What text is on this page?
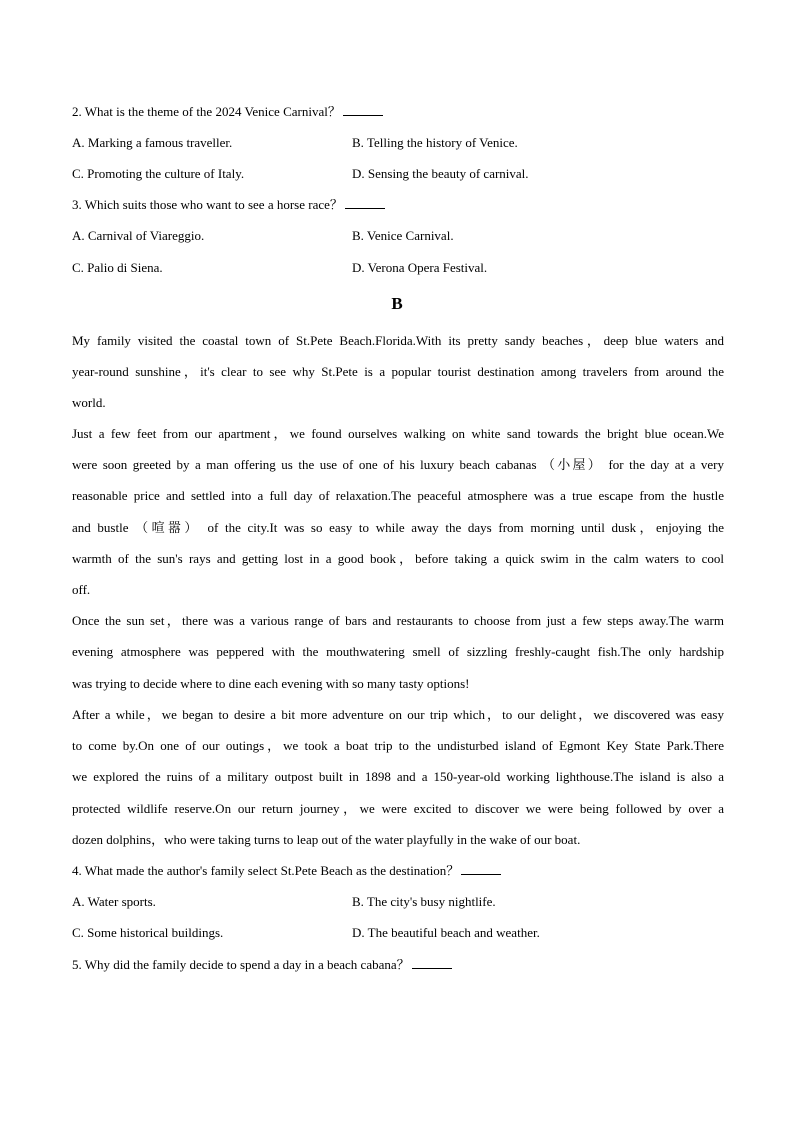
2. What is the theme of the 2024 Venice Carnival？
A. Marking a famous traveller.	B. Telling the history of Venice.
C. Promoting the culture of Italy.	D. Sensing the beauty of carnival.
3. Which suits those who want to see a horse race？
A. Carnival of Viareggio.	B. Venice Carnival.
C. Palio di Siena.	D. Verona Opera Festival.
B
My family visited the coastal town of St.Pete Beach.Florida.With its pretty sandy beaches，deep blue waters and
year-round sunshine，it's clear to see why St.Pete is a popular tourist destination among travelers from around the
world.
Just a few feet from our apartment，we found ourselves walking on white sand towards the bright blue ocean.We
were soon greeted by a man offering us the use of one of his luxury beach cabanas （小屋） for the day at a very
reasonable price and settled into a full day of relaxation.The peaceful atmosphere was a true escape from the hustle
and bustle （喧嚣） of the city.It was so easy to while away the days from morning until dusk，enjoying the
warmth of the sun's rays and getting lost in a good book，before taking a quick swim in the calm waters to cool
off.
Once the sun set，there was a various range of bars and restaurants to choose from just a few steps away.The warm
evening atmosphere was peppered with the mouthwatering smell of sizzling freshly-caught fish.The only hardship
was trying to decide where to dine each evening with so many tasty options!
After a while，we began to desire a bit more adventure on our trip which，to our delight，we discovered was easy
to come by.On one of our outings，we took a boat trip to the undisturbed island of Egmont Key State Park.There
we explored the ruins of a military outpost built in 1898 and a 150-year-old working lighthouse.The island is also a
protected wildlife reserve.On our return journey，we were excited to discover we were being followed by over a
dozen dolphins，who were taking turns to leap out of the water playfully in the wake of our boat.
4. What made the author's family select St.Pete Beach as the destination？
A. Water sports.	B. The city's busy nightlife.
C. Some historical buildings.	D. The beautiful beach and weather.
5. Why did the family decide to spend a day in a beach cabana？
